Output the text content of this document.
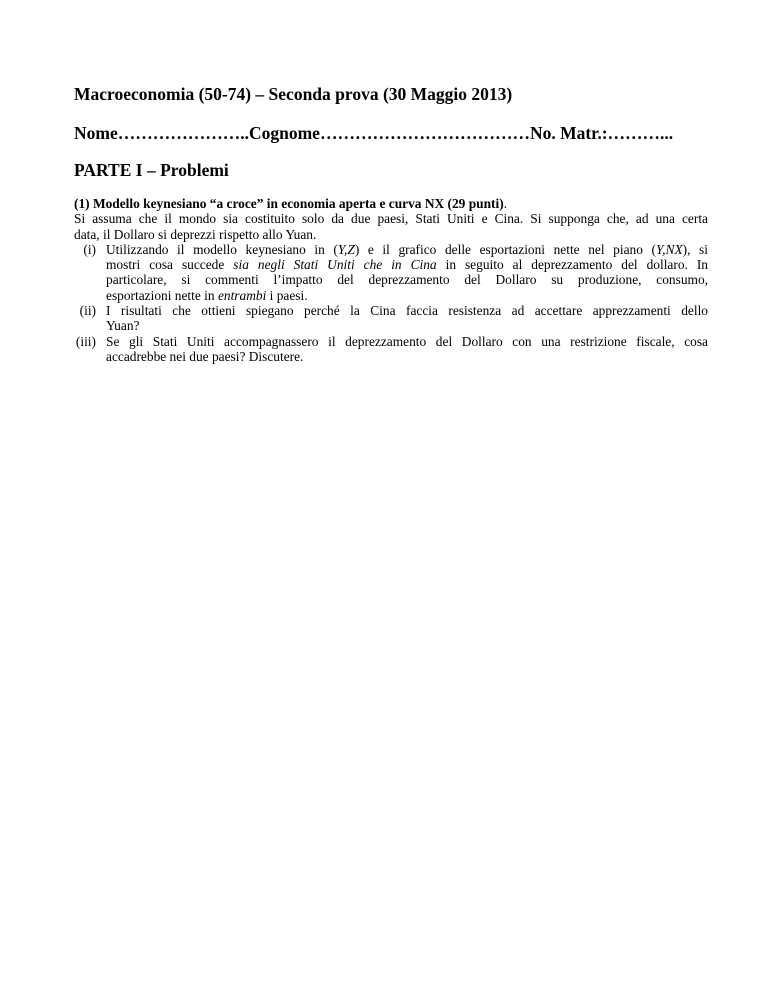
Macroeconomia (50-74) – Seconda prova (30 Maggio 2013)
Nome…………………..Cognome………………………………No. Matr.:………...
PARTE I – Problemi
(1) Modello keynesiano “a croce” in economia aperta e curva NX (29 punti).
Si assuma che il mondo sia costituito solo da due paesi, Stati Uniti e Cina. Si supponga che, ad una certa
data, il Dollaro si deprezzi rispetto allo Yuan.
(i) Utilizzando il modello keynesiano in (Y,Z) e il grafico delle esportazioni nette nel piano (Y,NX), si
mostri cosa succede sia negli Stati Uniti che in Cina in seguito al deprezzamento del dollaro. In
particolare, si commenti l’impatto del deprezzamento del Dollaro su produzione, consumo,
esportazioni nette in entrambi i paesi.
(ii) I risultati che ottieni spiegano perché la Cina faccia resistenza ad accettare apprezzamenti dello
Yuan?
(iii) Se gli Stati Uniti accompagnassero il deprezzamento del Dollaro con una restrizione fiscale, cosa
accadrebbe nei due paesi? Discutere.
